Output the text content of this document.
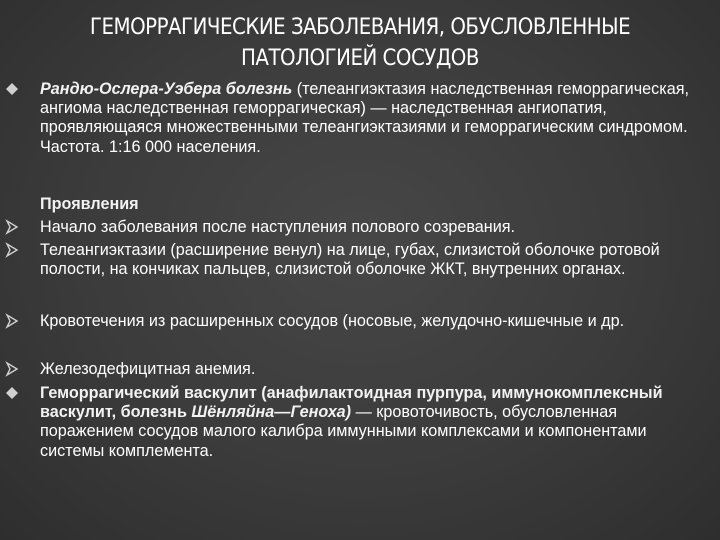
ГЕМОРРАГИЧЕСКИЕ ЗАБОЛЕВАНИЯ, ОБУСЛОВЛЕННЫЕ
ПАТОЛОГИЕЙ СОСУДОВ
Рандю-Ослера-Уэбера болезнь (телеангиэктазия наследственная геморрагическая, ангиома наследственная геморрагическая) — наследственная ангиопатия, проявляющаяся множественными телеангиэктазиями и геморрагическим синдромом. Частота. 1:16 000 населения.
Проявления
Начало заболевания после наступления полового созревания.
Телеангиэктазии (расширение венул) на лице, губах, слизистой оболочке ротовой полости, на кончиках пальцев, слизистой оболочке ЖКТ, внутренних органах.
Кровотечения из расширенных сосудов (носовые, желудочно-кишечные и др.
Железодефицитная анемия.
Геморрагический васкулит (анафилактоидная пурпура, иммунокомплексный васкулит, болезнь Шёнляйна—Геноха) — кровоточивость, обусловленная поражением сосудов малого калибра иммунными комплексами и компонентами системы комплемента.
